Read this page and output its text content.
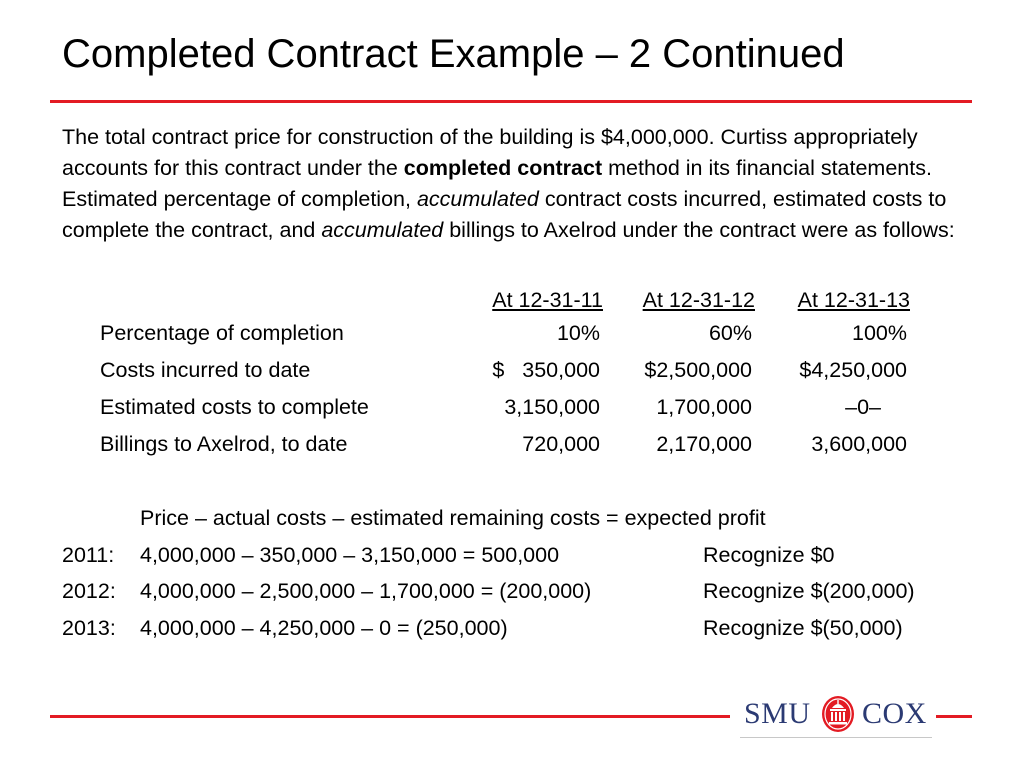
Completed Contract Example – 2 Continued
The total contract price for construction of the building is $4,000,000. Curtiss appropriately accounts for this contract under the completed contract method in its financial statements. Estimated percentage of completion, accumulated contract costs incurred, estimated costs to complete the contract, and accumulated billings to Axelrod under the contract were as follows:
At 12-31-11 At 12-31-12 At 12-31-13
Percentage of completion	10%	60%	100%
Costs incurred to date	$   350,000 $2,500,000 $4,250,000
Estimated costs to complete	3,150,000	1,700,000	–0–
Billings to Axelrod, to date	720,000	2,170,000	3,600,000
Price – actual costs – estimated remaining costs = expected profit
2011: 4,000,000 – 350,000 – 3,150,000 = 500,000	Recognize $0
2012: 4,000,000 – 2,500,000 – 1,700,000 = (200,000)	Recognize $(200,000)
2013: 4,000,000 – 4,250,000 – 0 = (250,000)	Recognize $(50,000)
SMU COX
